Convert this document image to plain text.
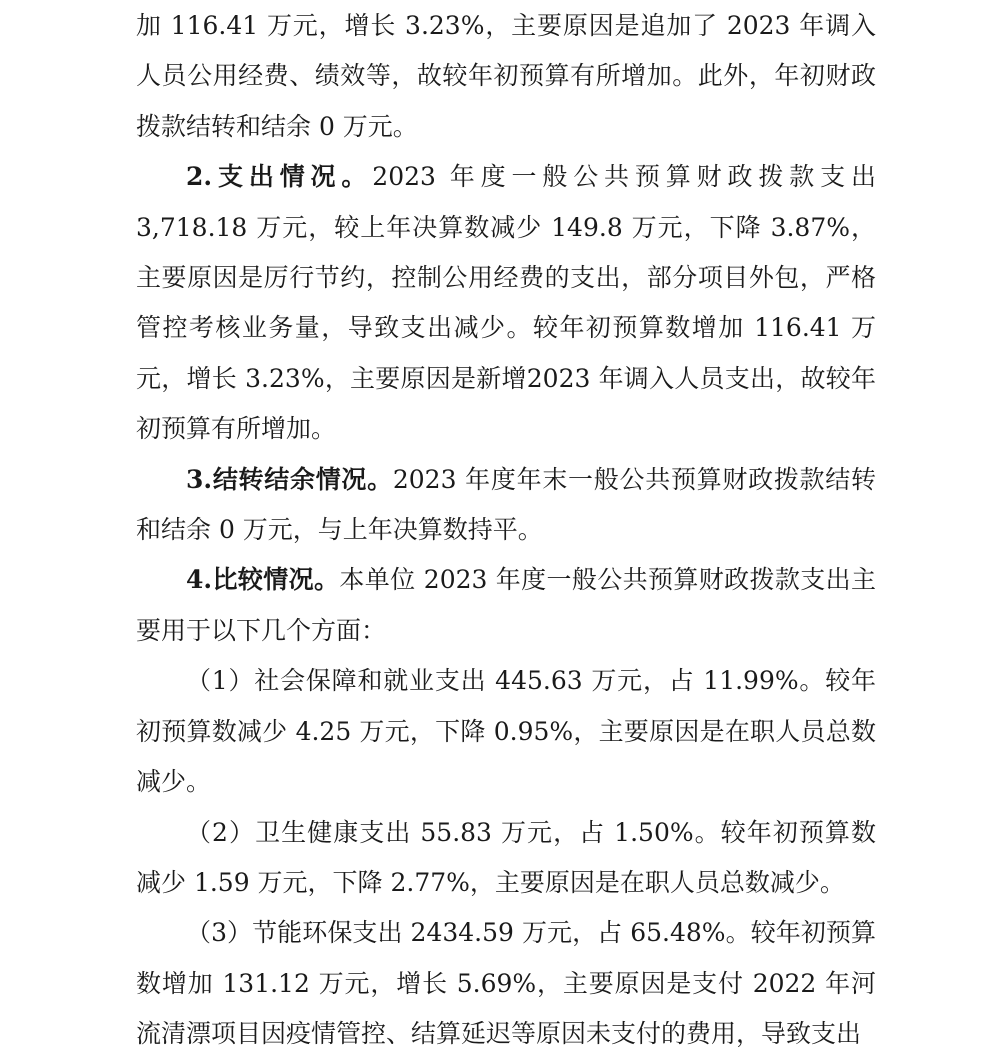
加 116.41 万元，增长 3.23%，主要原因是追加了 2023 年调入人员公用经费、绩效等，故较年初预算有所增加。此外，年初财政拨款结转和结余 0 万元。

2.支出情况。2023 年度一般公共预算财政拨款支出 3,718.18 万元，较上年决算数减少 149.8 万元，下降 3.87%，主要原因是厉行节约，控制公用经费的支出，部分项目外包，严格管控考核业务量，导致支出减少。较年初预算数增加 116.41 万元，增长 3.23%，主要原因是新增2023 年调入人员支出，故较年初预算有所增加。

3.结转结余情况。2023 年度年末一般公共预算财政拨款结转和结余 0 万元，与上年决算数持平。

4.比较情况。本单位 2023 年度一般公共预算财政拨款支出主要用于以下几个方面：

（1）社会保障和就业支出 445.63 万元，占 11.99%。较年初预算数减少 4.25 万元，下降 0.95%，主要原因是在职人员总数减少。

（2）卫生健康支出 55.83 万元，占 1.50%。较年初预算数减少 1.59 万元，下降 2.77%，主要原因是在职人员总数减少。

（3）节能环保支出 2434.59 万元，占 65.48%。较年初预算数增加 131.12 万元，增长 5.69%，主要原因是支付 2022 年河流清漂项目因疫情管控、结算延迟等原因未支付的费用，导致支出
